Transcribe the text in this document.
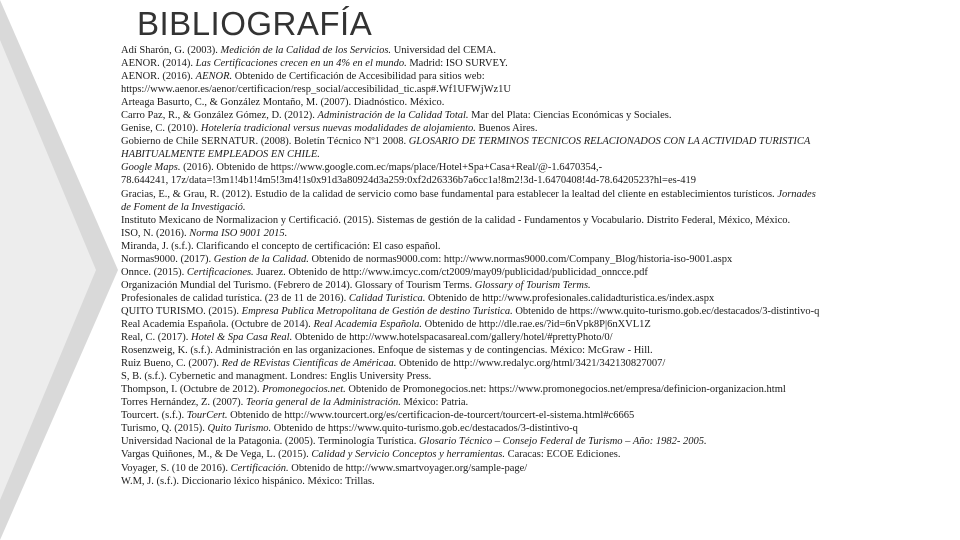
BIBLIOGRAFÍA
Adí Sharón, G. (2003). Medición de la Calidad de los Servicios. Universidad del CEMA.
AENOR. (2014). Las Certificaciones crecen en un 4% en el mundo. Madrid: ISO SURVEY.
AENOR. (2016). AENOR. Obtenido de Certificación de Accesibilidad para sitios web:
https://www.aenor.es/aenor/certificacion/resp_social/accesibilidad_tic.asp#.Wf1UFWjWz1U
Arteaga Basurto, C., & González Montaño, M. (2007). Diadnóstico. México.
Carro Paz, R., & González Gómez, D. (2012). Administración de la Calidad Total. Mar del Plata: Ciencias Económicas y Sociales.
Genise, C. (2010). Hotelería tradicional versus nuevas modalidades de alojamiento. Buenos Aires.
Gobierno de Chile SERNATUR. (2008). Boletín Técnico Nº1 2008. GLOSARIO DE TERMINOS TECNICOS RELACIONADOS CON LA ACTIVIDAD TURISTICA
HABITUALMENTE EMPLEADOS EN CHILE.
Google Maps. (2016). Obtenido de https://www.google.com.ec/maps/place/Hotel+Spa+Casa+Real/@-1.6470354,-
78.644241, 17z/data=!3m1!4b1!4m5!3m4!1s0x91d3a80924d3a259:0xf2d26336b7a6cc1a!8m2!3d-1.6470408!4d-78.6420523?hl=es-419
Gracias, E., & Grau, R. (2012). Estudio de la calidad de servicio como base fundamental para establecer la lealtad del cliente en establecimientos turísticos. Jornades
de Foment de la Investigació.
Instituto Mexicano de Normalizacion y Certificació. (2015). Sistemas de gestión de la calidad - Fundamentos y Vocabulario. Distrito Federal, México, México.
ISO, N. (2016). Norma ISO 9001 2015.
Miranda, J. (s.f.). Clarificando el concepto de certificación: El caso español.
Normas9000. (2017). Gestion de la Calidad. Obtenido de normas9000.com: http://www.normas9000.com/Company_Blog/historia-iso-9001.aspx
Onnce. (2015). Certificaciones. Juarez. Obtenido de http://www.imcyc.com/ct2009/may09/publicidad/publicidad_onncce.pdf
Organización Mundial del Turismo. (Febrero de 2014). Glossary of Tourism Terms. Glossary of Tourism Terms.
Profesionales de calidad turística. (23 de 11 de 2016). Calidad Turistica. Obtenido de http://www.profesionales.calidadturistica.es/index.aspx
QUITO TURISMO. (2015). Empresa Publica Metropolitana de Gestión de destino Turistica. Obtenido de https://www.quito-turismo.gob.ec/destacados/3-distintivo-q
Real Academia Española. (Octubre de 2014). Real Academia Española. Obtenido de http://dle.rae.es/?id=6nVpk8P|6nXVL1Z
Real, C. (2017). Hotel & Spa Casa Real. Obtenido de http://www.hotelspacasareal.com/gallery/hotel/#prettyPhoto/0/
Rosenzweig, K. (s.f.). Administración en las organizaciones. Enfoque de sistemas y de contingencias. México: McGraw - Hill.
Ruiz Bueno, C. (2007). Red de REvistas Científicas de Américaa. Obtenido de http://www.redalyc.org/html/3421/342130827007/
S, B. (s.f.). Cybernetic and managment. Londres: Englis University Press.
Thompson, I. (Octubre de 2012). Promonegocios.net. Obtenido de Promonegocios.net: https://www.promonegocios.net/empresa/definicion-organizacion.html
Torres Hernández, Z. (2007). Teoría general de la Administración. México: Patria.
Tourcert. (s.f.). TourCert. Obtenido de http://www.tourcert.org/es/certificacion-de-tourcert/tourcert-el-sistema.html#c6665
Turismo, Q. (2015). Quito Turismo. Obtenido de https://www.quito-turismo.gob.ec/destacados/3-distintivo-q
Universidad Nacional de la Patagonia. (2005). Terminología Turística. Glosario Técnico – Consejo Federal de Turismo – Año: 1982- 2005.
Vargas Quiñones, M., & De Vega, L. (2015). Calidad y Servicio Conceptos y herramientas. Caracas: ECOE Ediciones.
Voyager, S. (10 de 2016). Certificación. Obtenido de http://www.smartvoyager.org/sample-page/
W.M, J. (s.f.). Diccionario léxico hispánico. México: Trillas.
